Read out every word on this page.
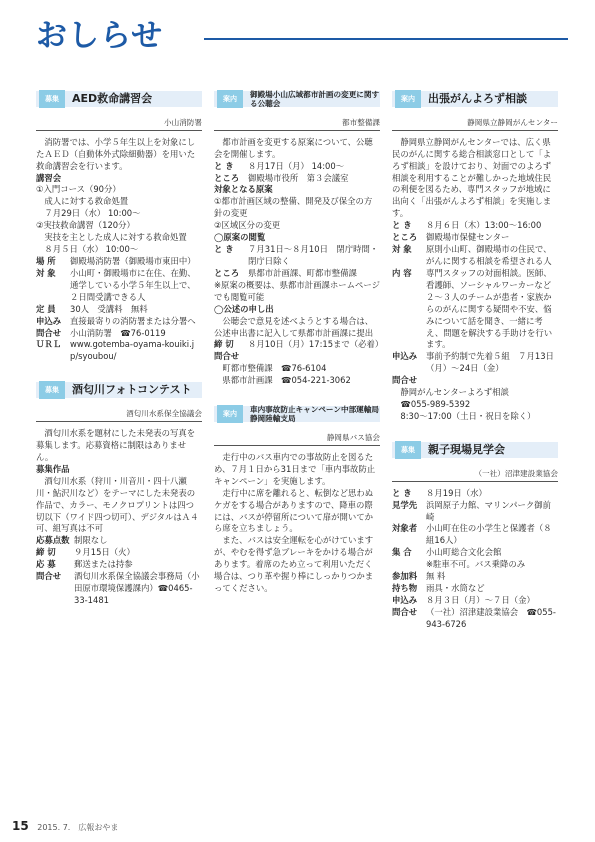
おしらせ
募集	AED救命講習会
小山消防署
消防署では、小学５年生以上を対象にしたＡＥＤ（自動体外式除細動器）を用いた救命講習会を行います。
講習会
①入門コース（90分）
成人に対する救命処置
７月29日（水） 10:00～
②実技救命講習（120分）
実技を主とした成人に対する救命処置
８月５日（水） 10:00～
場 所	御殿場消防署（御殿場市東田中）
対 象	小山町・御殿場市に在住、在勤、通学している小学５年生以上で、２日間受講できる人
定 員	30人　受講料　無料
申込み	直接最寄りの消防署または分署へ
問合せ	小山消防署　☎76-0119
ＵＲＬ	www.gotemba-oyama-kouiki.jp/syoubou/
募集	酒匂川フォトコンテスト
酒匂川水系保全協議会
酒匂川水系を題材にした未発表の写真を募集します。応募資格に制限はありません。
募集作品
酒匂川水系（狩川・川音川・四十八瀬川・鮎沢川など）をテーマにした未発表の作品で、カラー、モノクロプリントは四つ切以下（ワイド四つ切可）、デジタルはＡ４可、組写真は不可
応募点数 制限なし
締 切	９月15日（火）
応 募	郵送または持参
問合せ	酒匂川水系保全協議会事務局（小田原市環境保護課内）☎0465-33-1481
案内	御殿場小山広域都市計画の変更に関する公聴会
都市整備課
都市計画を変更する原案について、公聴会を開催します。
と き	８月17日（月） 14:00～
ところ	御殿場市役所　第３会議室
対象となる原案
①都市計画区域の整備、開発及び保全の方針の変更
②区域区分の変更
◯原案の閲覧
と き	７月31日～８月10日　閉庁時間・閉庁日除く
ところ	県都市計画課、町都市整備課
※原案の概要は、県都市計画課ホームページでも閲覧可能
◯公述の申し出
公聴会で意見を述べようとする場合は、公述申出書に記入して県都市計画課に提出
締 切	８月10日（月）17:15まで（必着）
問合せ
町都市整備課　☎76-6104
県都市計画課　☎054-221-3062
案内	車内事故防止キャンペーン中部運輸局静岡陸輸支局
静岡県バス協会
走行中のバス車内での事故防止を図るため、７月１日から31日まで「車内事故防止キャンペーン」を実施します。
走行中に席を離れると、転倒など思わぬケガをする場合がありますので、降車の際には、バスが停留所について扉が開いてから席を立ちましょう。
また、バスは安全運転を心がけていますが、やむを得ず急ブレーキをかける場合があります。着席のため立って利用いただく場合は、つり革や握り棒にしっかりつかまってください。
案内	出張がんよろず相談
静岡県立静岡がんセンター
静岡県立静岡がんセンターでは、広く県民のがんに関する総合相談窓口として「よろず相談」を設けており、対面でのよろず相談を利用することが難しかった地域住民の利便を図るため、専門スタッフが地域に出向く「出張がんよろず相談」を実施します。
と き	８月６日（木）13:00～16:00
ところ	御殿場市保健センター
対 象	原則小山町、御殿場市の住民で、がんに関する相談を希望される人
内 容	専門スタッフの対面相談。医師、看護師、ソーシャルワーカーなど２～３人のチームが患者・家族からのがんに関する疑問や不安、悩みについて話を聞き、一緒に考え、問題を解決する手助けを行います。
申込み	事前予約制で先着５組　７月13日（月）～24日（金）
問合せ
静岡がんセンターよろず相談
☎055-989-5392
8:30～17:00（土日・祝日を除く）
募集	親子現場見学会
（一社）沼津建設業協会
と き	８月19日（水）
見学先	浜岡原子力館、マリンパーク御前崎
対象者	小山町在住の小学生と保護者（８組16人）
集 合	小山町総合文化会館
※駐車不可。バス乗降のみ
参加料	無 料
持ち物	雨具・水筒など
申込み	８月３日（月）～７日（金）
問合せ	（一社）沼津建設業協会　☎055-943-6726
15 2015. 7.　広報おやま
